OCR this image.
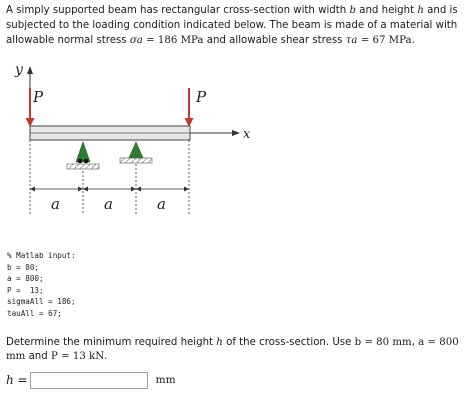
A simply supported beam has rectangular cross-section with width b and height h and is subjected to the loading condition indicated below. The beam is made of a material with allowable normal stress σa = 186 MPa and allowable shear stress τa = 67 MPa.
y
x
P	P
a	a	a
% Matlab input:
b = 80;
a = 800;
P =  13;
sigmaAll = 186;
tauAll = 67;
Determine the minimum required height h of the cross-section. Use b = 80 mm, a = 800 mm and P = 13 kN.
h =	mm
